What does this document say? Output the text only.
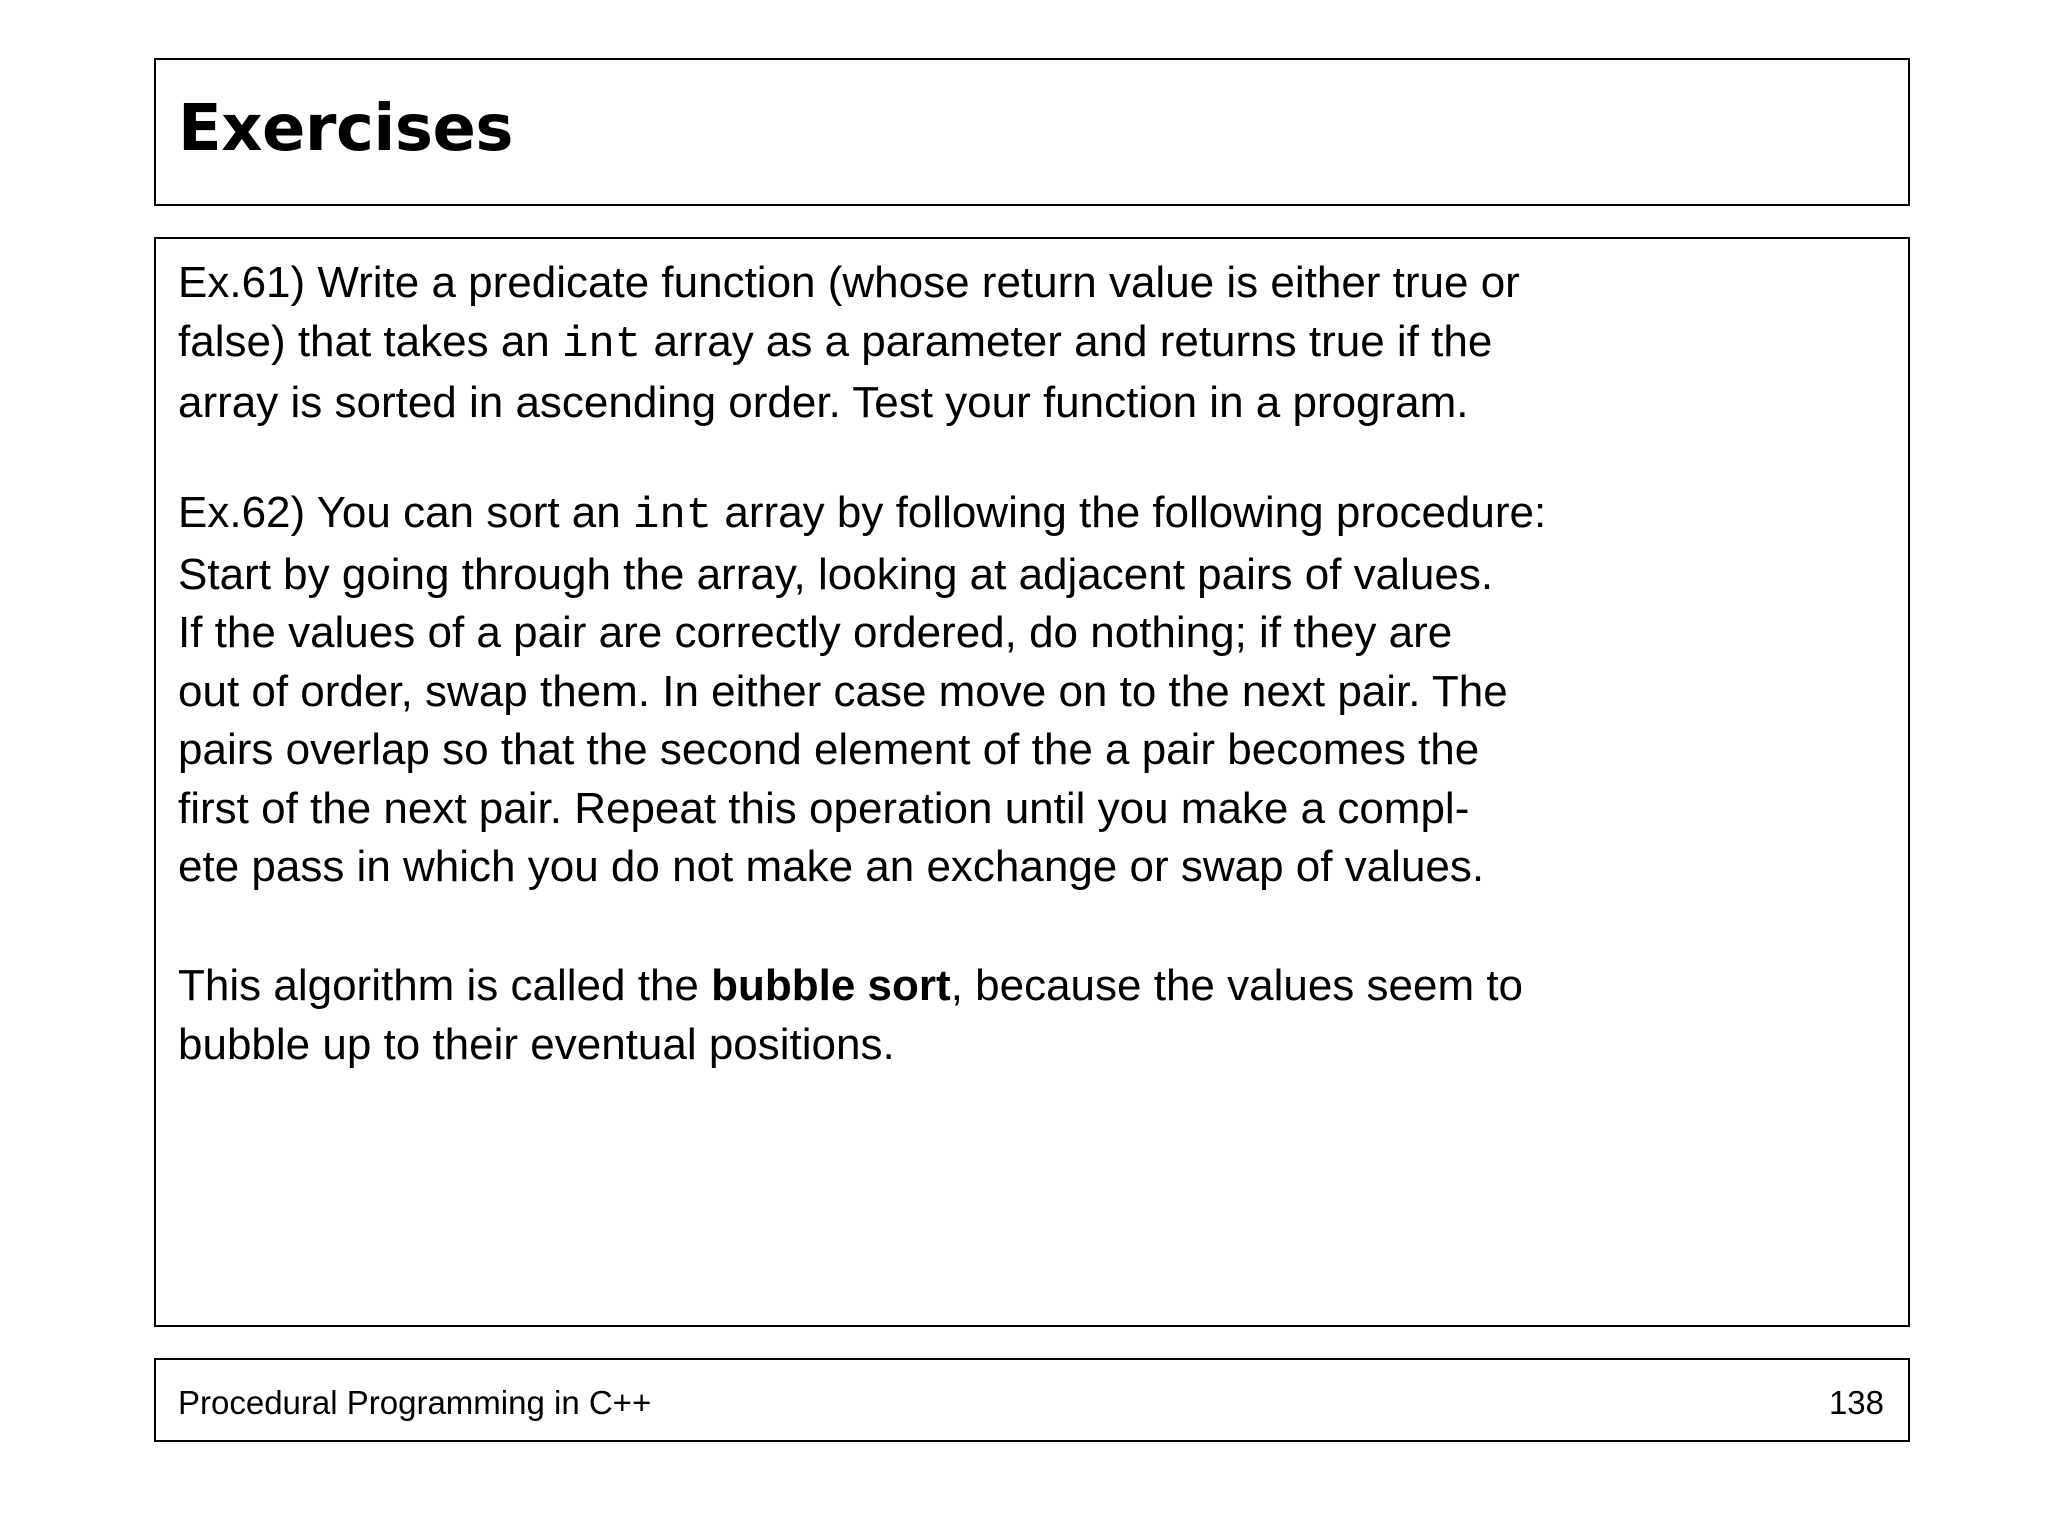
Exercises

Ex.61) Write a predicate function (whose return value is either true or
false) that takes an int array as a parameter and returns true if the
array is sorted in ascending order. Test your function in a program.

Ex.62) You can sort an int array by following the following procedure:
Start by going through the array, looking at adjacent pairs of values.
If the values of a pair are correctly ordered, do nothing; if they are
out of order, swap them. In either case move on to the next pair. The
pairs overlap so that the second element of the a pair becomes the
first of the next pair. Repeat this operation until you make a compl-
ete pass in which you do not make an exchange or swap of values.

This algorithm is called the bubble sort, because the values seem to
bubble up to their eventual positions.

Procedural Programming in C++	138
